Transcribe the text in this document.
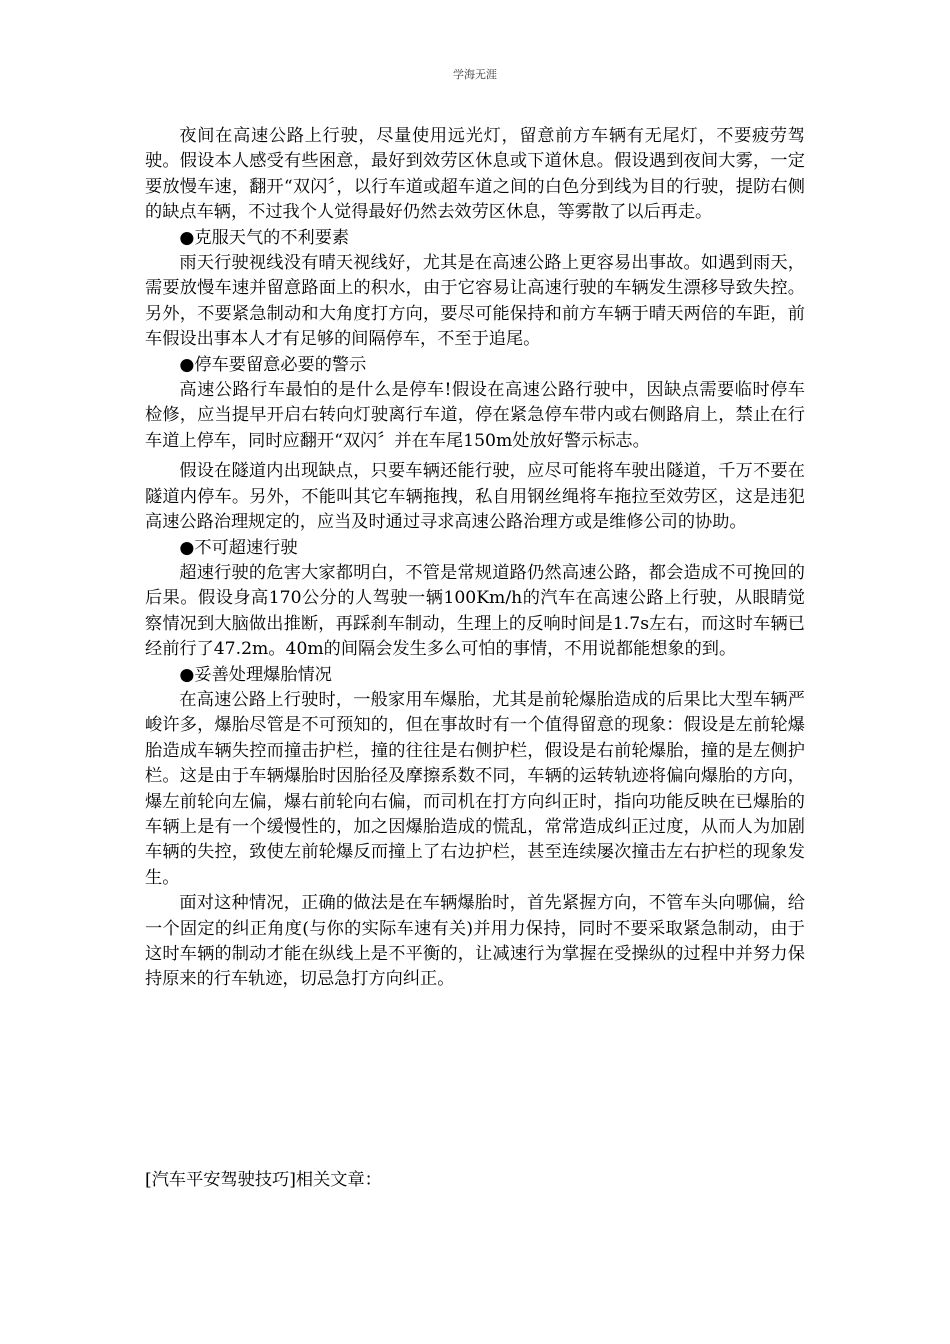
学海无涯

夜间在高速公路上行驶，尽量使用远光灯，留意前方车辆有无尾灯，不要疲劳驾驶。假设本人感受有些困意，最好到效劳区休息或下道休息。假设遇到夜间大雾，一定要放慢车速，翻开“双闪〞，以行车道或超车道之间的白色分到线为目的行驶，提防右侧的缺点车辆，不过我个人觉得最好仍然去效劳区休息，等雾散了以后再走。

●克服天气的不利要素

雨天行驶视线没有晴天视线好，尤其是在高速公路上更容易出事故。如遇到雨天，需要放慢车速并留意路面上的积水，由于它容易让高速行驶的车辆发生漂移导致失控。另外，不要紧急制动和大角度打方向，要尽可能保持和前方车辆于晴天两倍的车距，前车假设出事本人才有足够的间隔停车，不至于追尾。

●停车要留意必要的警示

高速公路行车最怕的是什么是停车!假设在高速公路行驶中，因缺点需要临时停车检修，应当提早开启右转向灯驶离行车道，停在紧急停车带内或右侧路肩上，禁止在行车道上停车，同时应翻开“双闪〞并在车尾150m处放好警示标志。

假设在隧道内出现缺点，只要车辆还能行驶，应尽可能将车驶出隧道，千万不要在隧道内停车。另外，不能叫其它车辆拖拽，私自用钢丝绳将车拖拉至效劳区，这是违犯高速公路治理规定的，应当及时通过寻求高速公路治理方或是维修公司的协助。

●不可超速行驶

超速行驶的危害大家都明白，不管是常规道路仍然高速公路，都会造成不可挽回的后果。假设身高170公分的人驾驶一辆100Km/h的汽车在高速公路上行驶，从眼睛觉察情况到大脑做出推断，再踩刹车制动，生理上的反响时间是1.7s左右，而这时车辆已经前行了47.2m。40m的间隔会发生多么可怕的事情，不用说都能想象的到。

●妥善处理爆胎情况

在高速公路上行驶时，一般家用车爆胎，尤其是前轮爆胎造成的后果比大型车辆严峻许多，爆胎尽管是不可预知的，但在事故时有一个值得留意的现象：假设是左前轮爆胎造成车辆失控而撞击护栏，撞的往往是右侧护栏，假设是右前轮爆胎，撞的是左侧护栏。这是由于车辆爆胎时因胎径及摩擦系数不同，车辆的运转轨迹将偏向爆胎的方向，爆左前轮向左偏，爆右前轮向右偏，而司机在打方向纠正时，指向功能反映在已爆胎的车辆上是有一个缓慢性的，加之因爆胎造成的慌乱，常常造成纠正过度，从而人为加剧车辆的失控，致使左前轮爆反而撞上了右边护栏，甚至连续屡次撞击左右护栏的现象发生。

面对这种情况，正确的做法是在车辆爆胎时，首先紧握方向，不管车头向哪偏，给一个固定的纠正角度(与你的实际车速有关)并用力保持，同时不要采取紧急制动，由于这时车辆的制动才能在纵线上是不平衡的，让减速行为掌握在受操纵的过程中并努力保持原来的行车轨迹，切忌急打方向纠正。

[汽车平安驾驶技巧]相关文章：
